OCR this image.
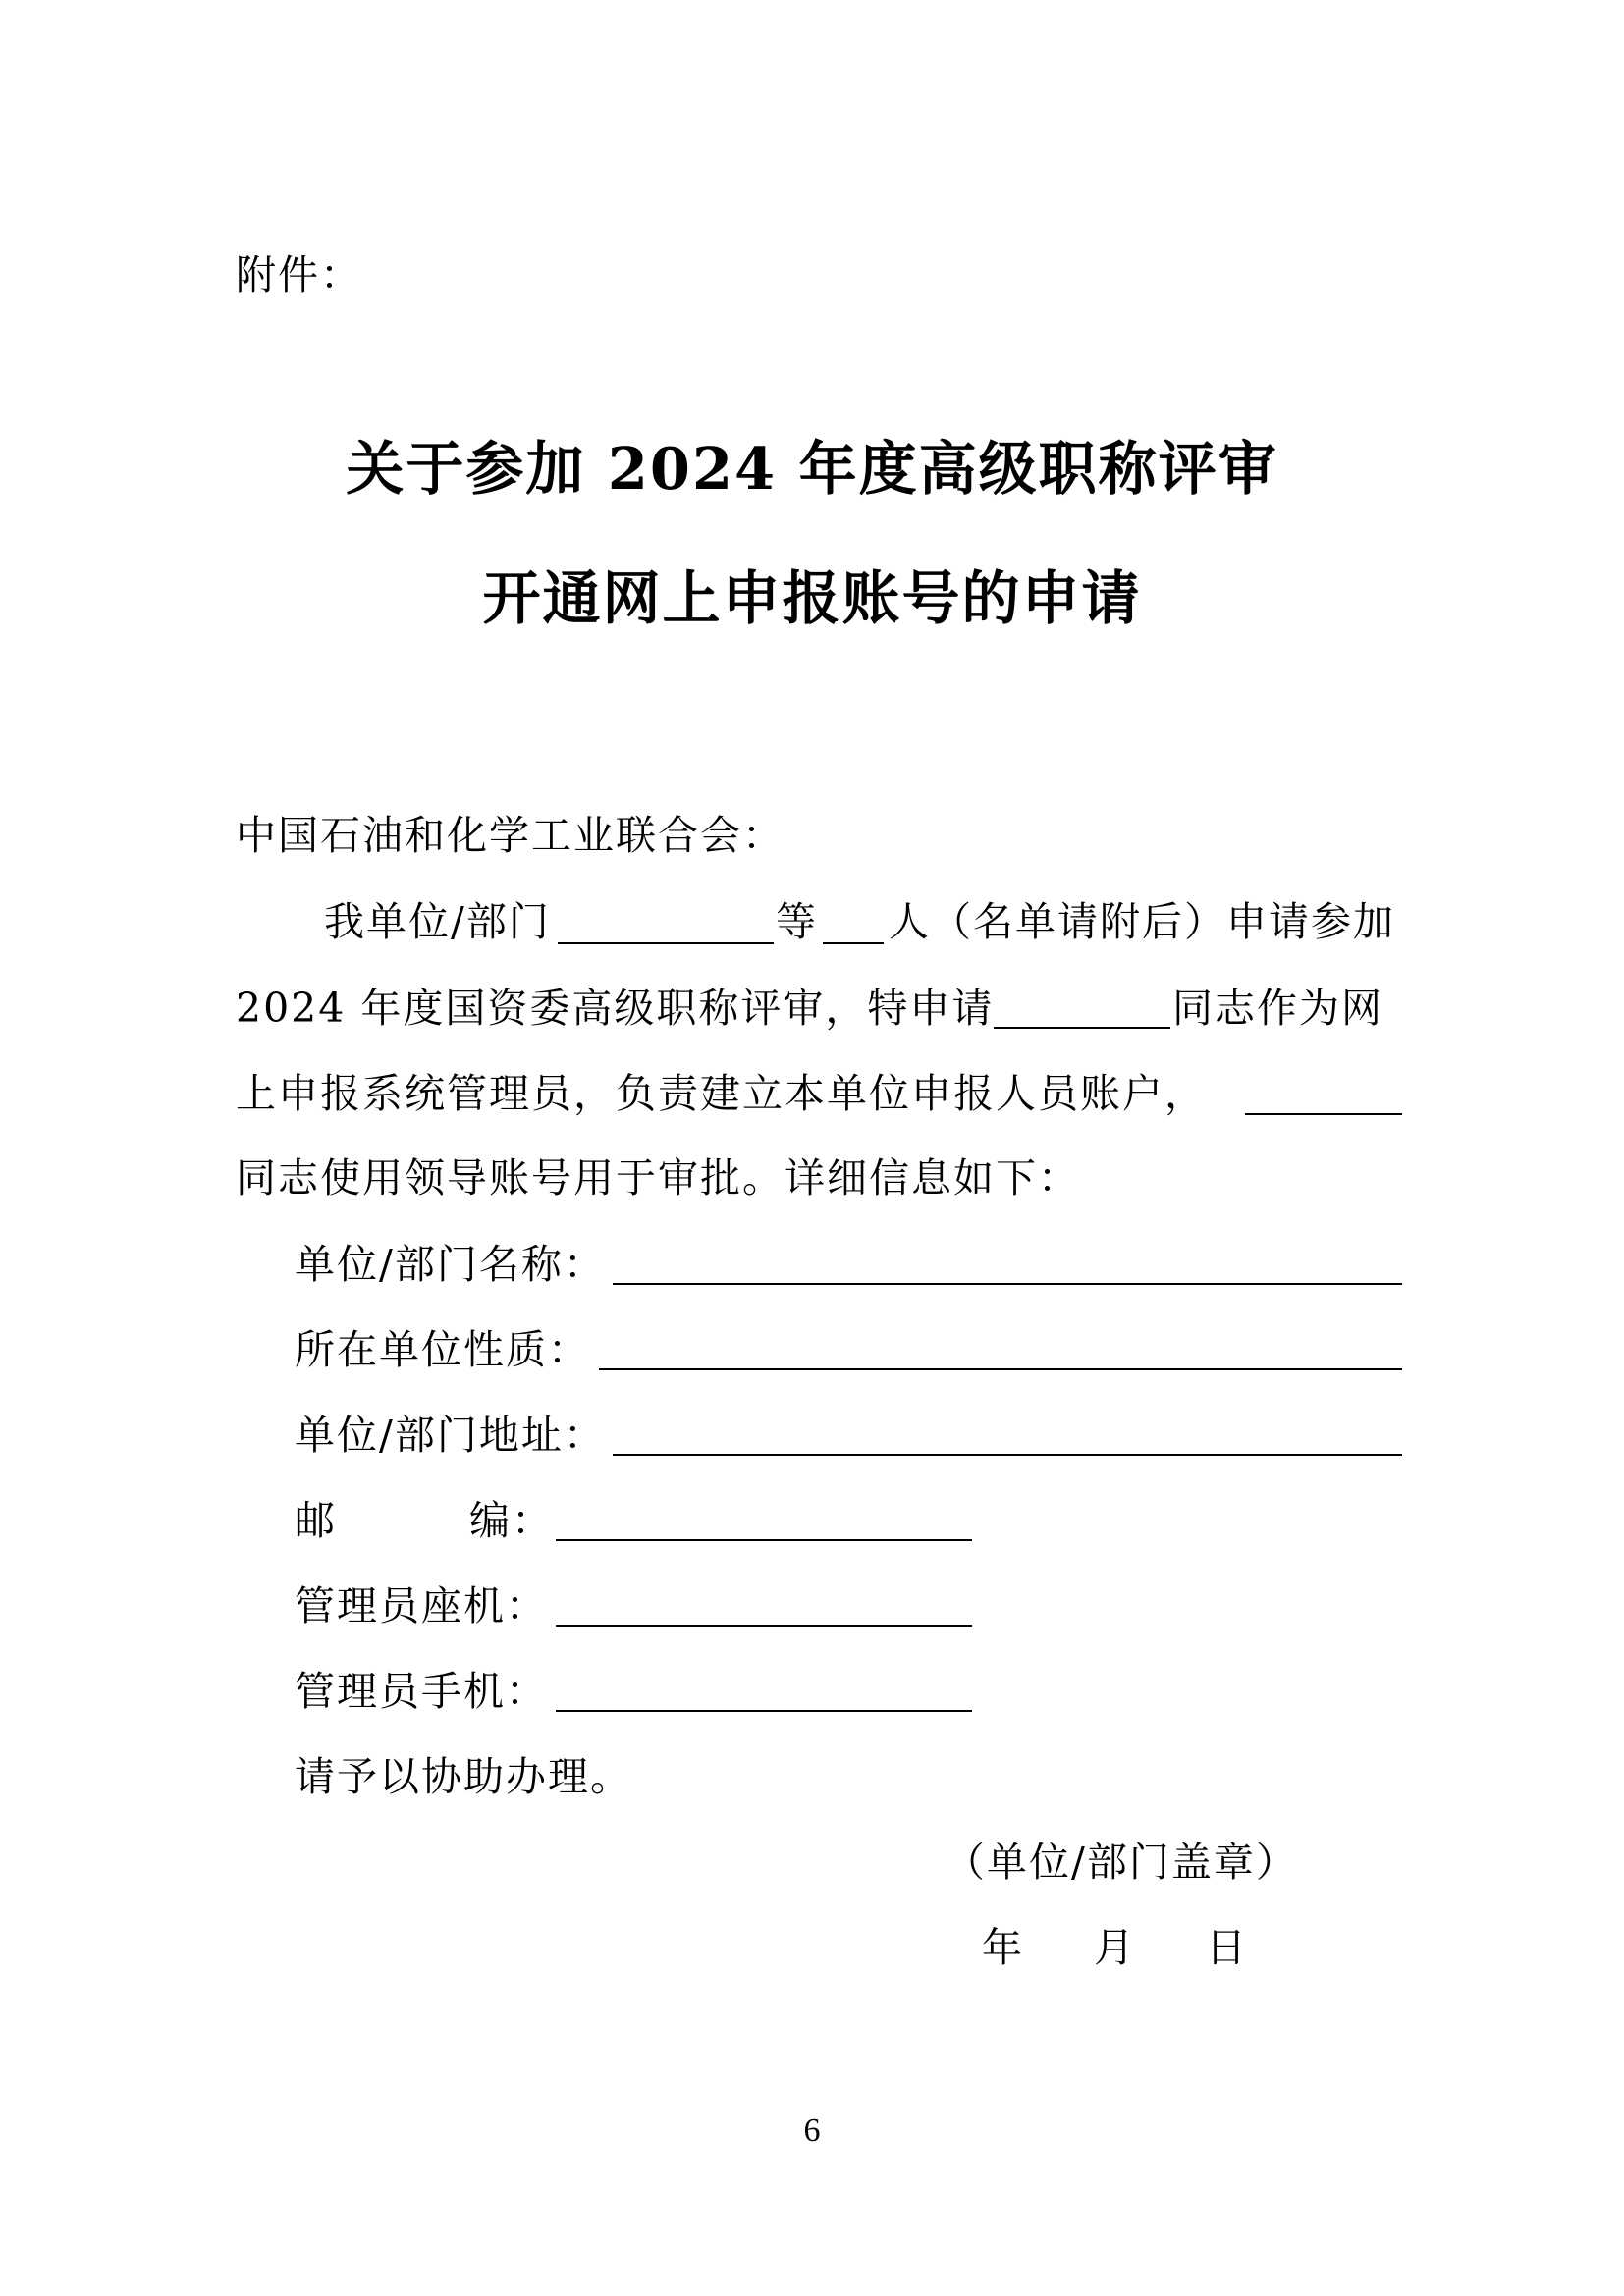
附件：
关于参加 2024 年度高级职称评审
开通网上申报账号的申请
中国石油和化学工业联合会：
我单位/部门	等 人（名单请附后）申请参加
2024 年度国资委高级职称评审，特申请	同志作为网
上申报系统管理员，负责建立本单位申报人员账户，
同志使用领导账号用于审批。详细信息如下：
单位/部门名称：
所在单位性质：
单位/部门地址：
邮	编：
管理员座机：
管理员手机：
请予以协助办理。
（单位/部门盖章）
年 月 日
6
